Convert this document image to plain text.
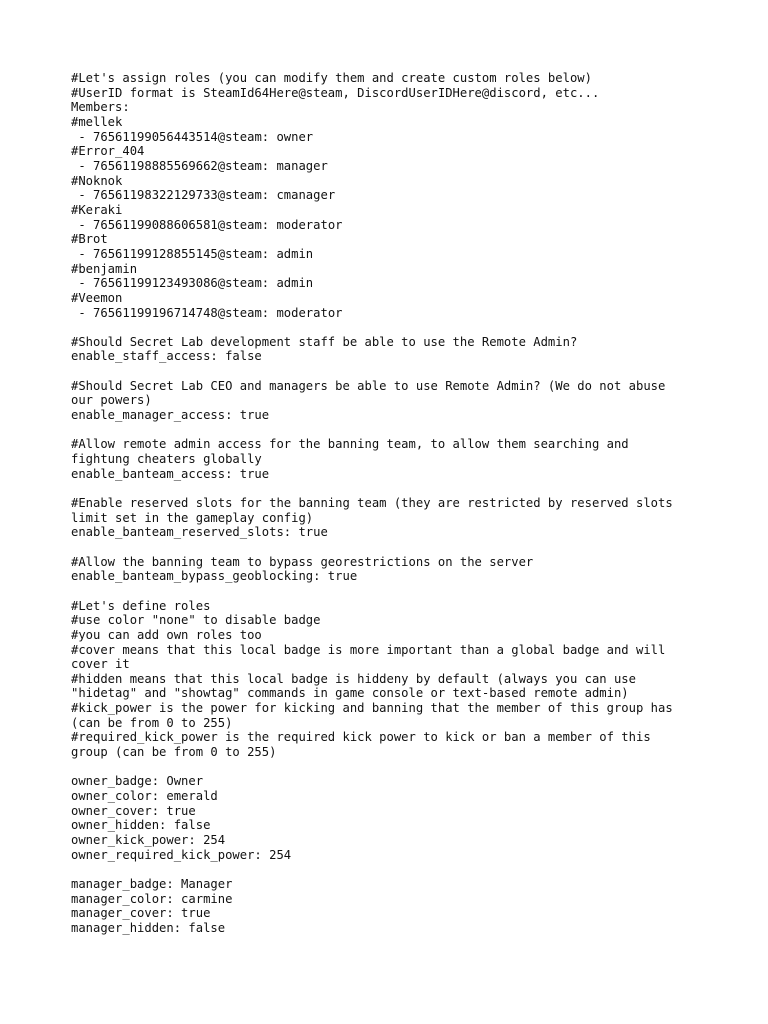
#Let's assign roles (you can modify them and create custom roles below)
#UserID format is SteamId64Here@steam, DiscordUserIDHere@discord, etc...
Members:
#mellek
- 76561199056443514@steam: owner
#Error_404
- 76561198885569662@steam: manager
#Noknok
- 76561198322129733@steam: cmanager
#Keraki
- 76561199088606581@steam: moderator
#Brot
- 76561199128855145@steam: admin
#benjamin
- 76561199123493086@steam: admin
#Veemon
- 76561199196714748@steam: moderator
#Should Secret Lab development staff be able to use the Remote Admin?
enable_staff_access: false
#Should Secret Lab CEO and managers be able to use Remote Admin? (We do not abuse
our powers)
enable_manager_access: true
#Allow remote admin access for the banning team, to allow them searching and
fightung cheaters globally
enable_banteam_access: true
#Enable reserved slots for the banning team (they are restricted by reserved slots
limit set in the gameplay config)
enable_banteam_reserved_slots: true
#Allow the banning team to bypass georestrictions on the server
enable_banteam_bypass_geoblocking: true
#Let's define roles
#use color "none" to disable badge
#you can add own roles too
#cover means that this local badge is more important than a global badge and will
cover it
#hidden means that this local badge is hiddeny by default (always you can use
"hidetag" and "showtag" commands in game console or text-based remote admin)
#kick_power is the power for kicking and banning that the member of this group has
(can be from 0 to 255)
#required_kick_power is the required kick power to kick or ban a member of this
group (can be from 0 to 255)
owner_badge: Owner
owner_color: emerald
owner_cover: true
owner_hidden: false
owner_kick_power: 254
owner_required_kick_power: 254
manager_badge: Manager
manager_color: carmine
manager_cover: true
manager_hidden: false
